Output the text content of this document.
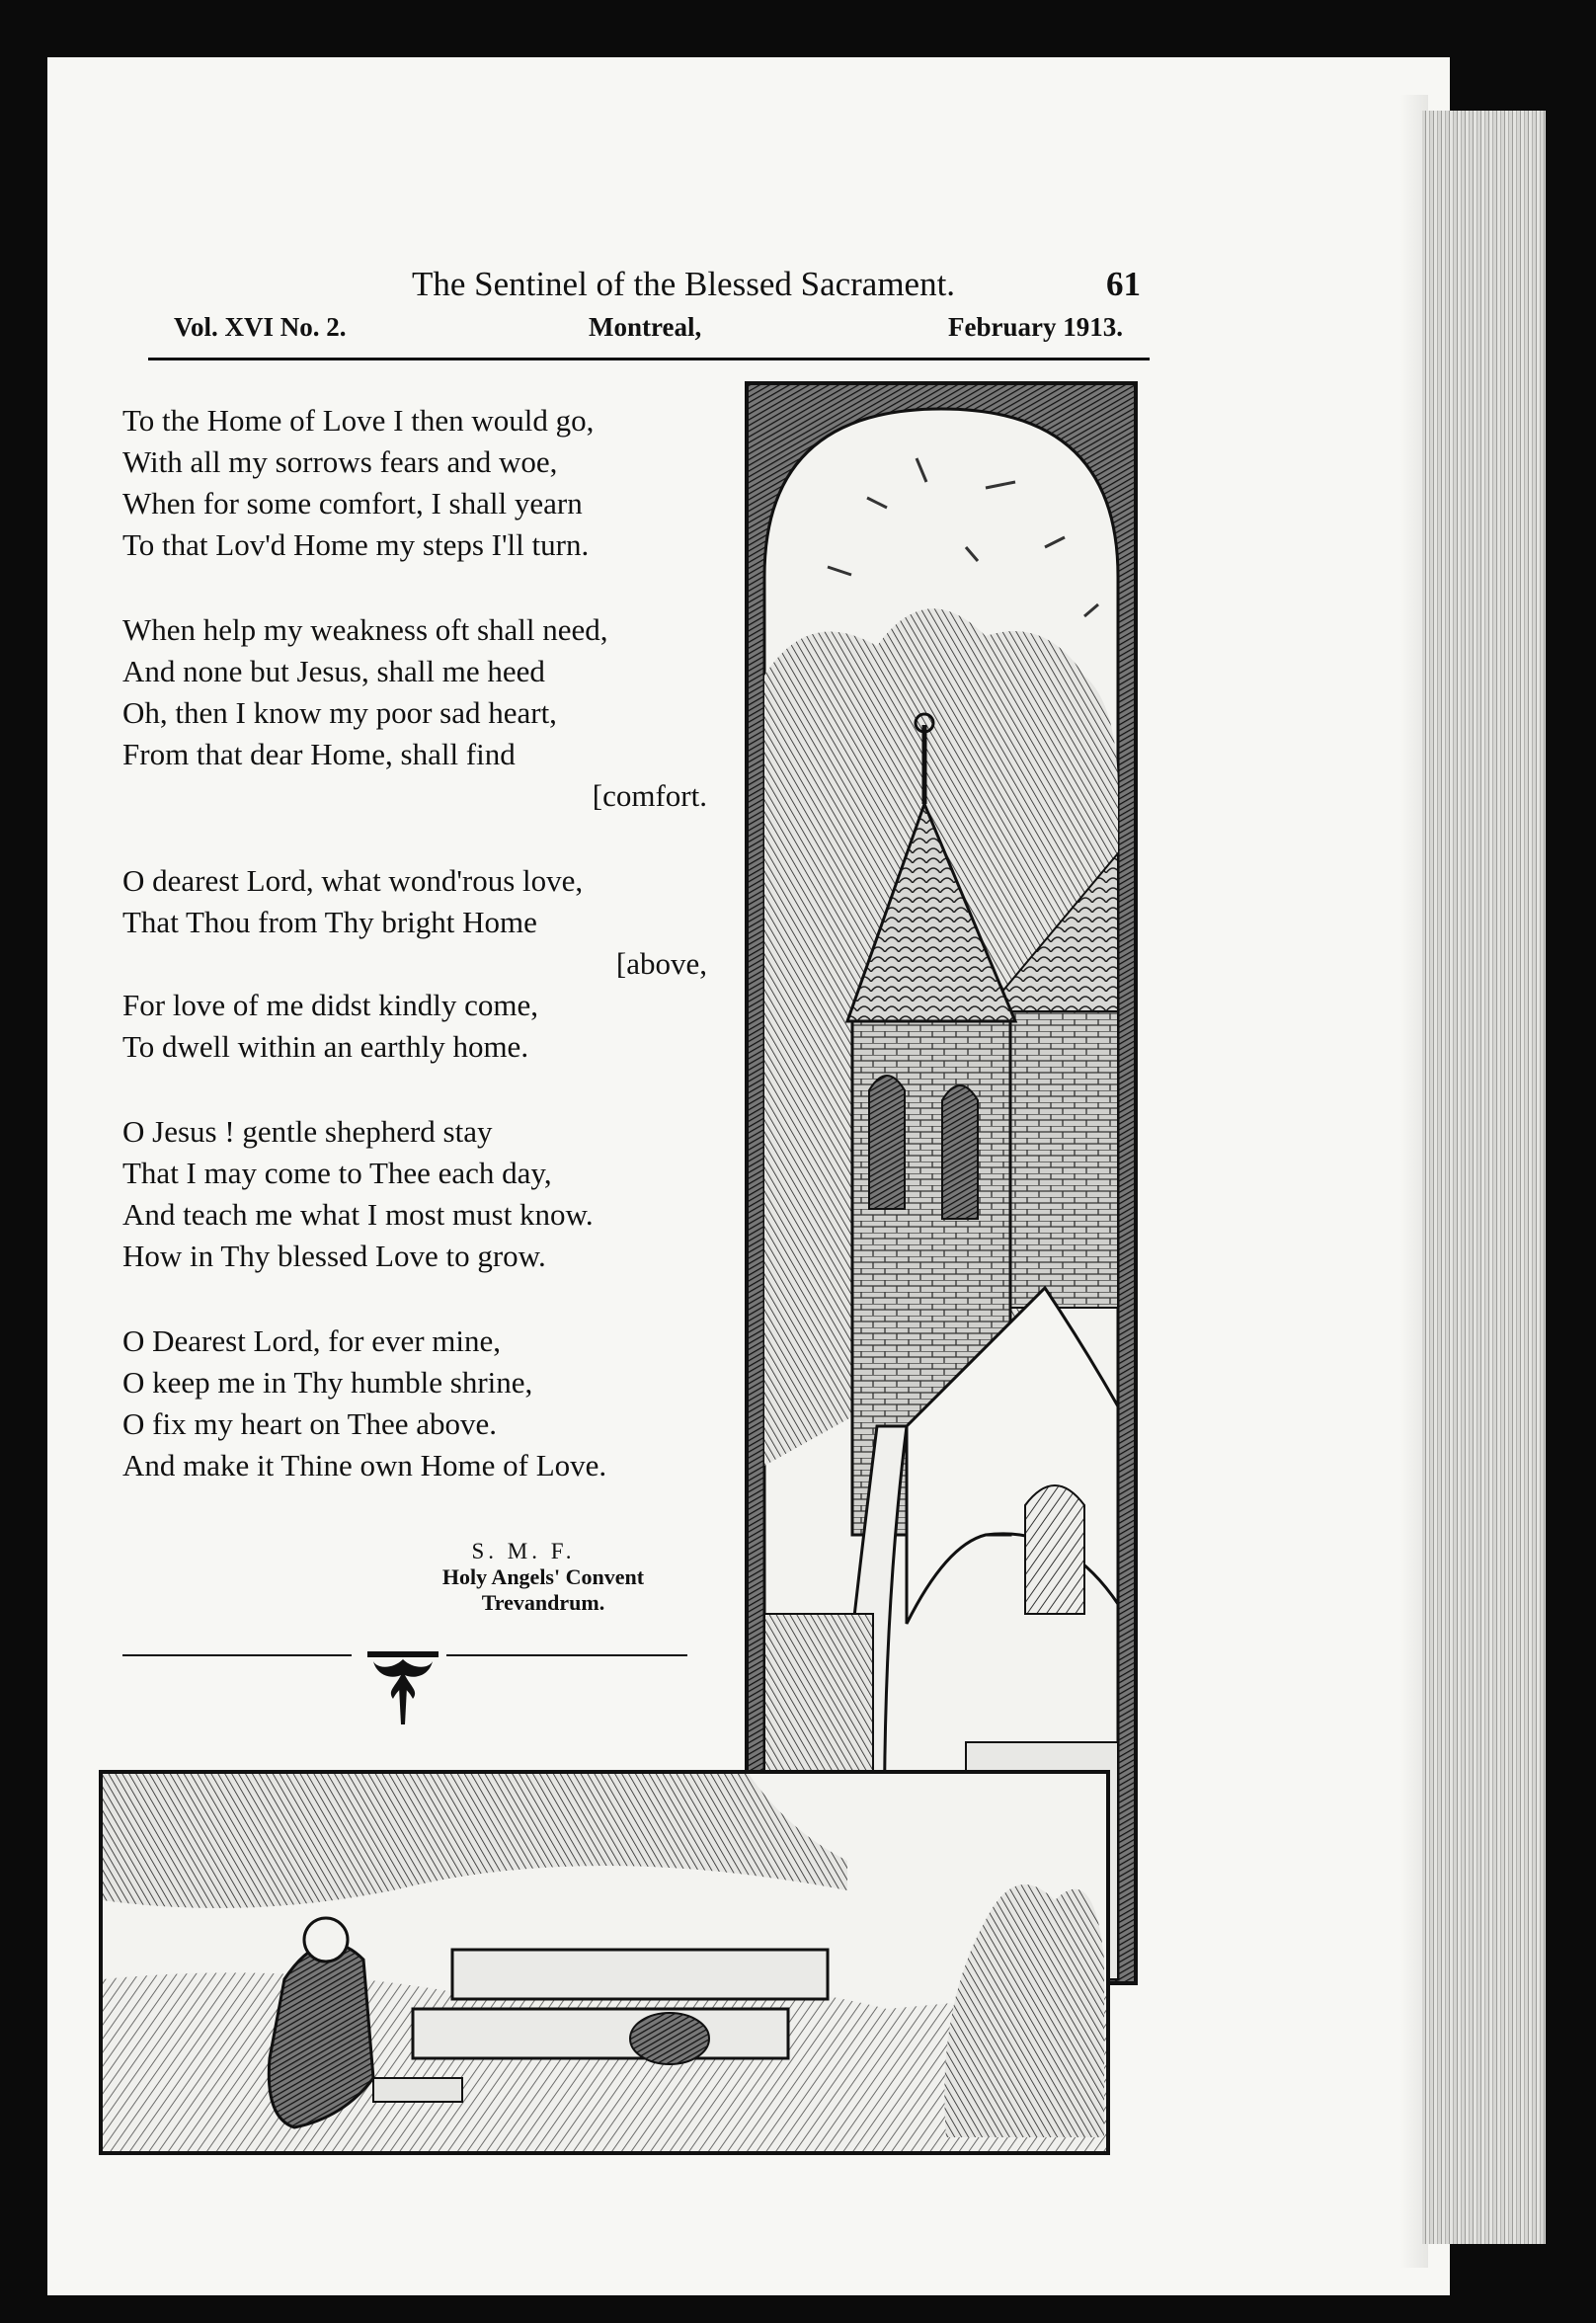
The Sentinel of the Blessed Sacrament.	61
Vol. XVI No. 2.	Montreal,	February 1913.
To the Home of Love I then would go,
With all my sorrows fears and woe,
When for some comfort, I shall yearn
To that Lov'd Home my steps I'll turn.
When help my weakness oft shall need,
And none but Jesus, shall me heed
Oh, then I know my poor sad heart,
From that dear Home, shall find
[comfort.
O dearest Lord, what wond'rous love,
That Thou from Thy bright Home
[above,
For love of me didst kindly come,
To dwell within an earthly home.
O Jesus ! gentle shepherd stay
That I may come to Thee each day,
And teach me what I most must know.
How in Thy blessed Love to grow.
O Dearest Lord, for ever mine,
O keep me in Thy humble shrine,
O fix my heart on Thee above.
And make it Thine own Home of Love.
S. M. F.
Holy Angels' Convent
Trevandrum.
